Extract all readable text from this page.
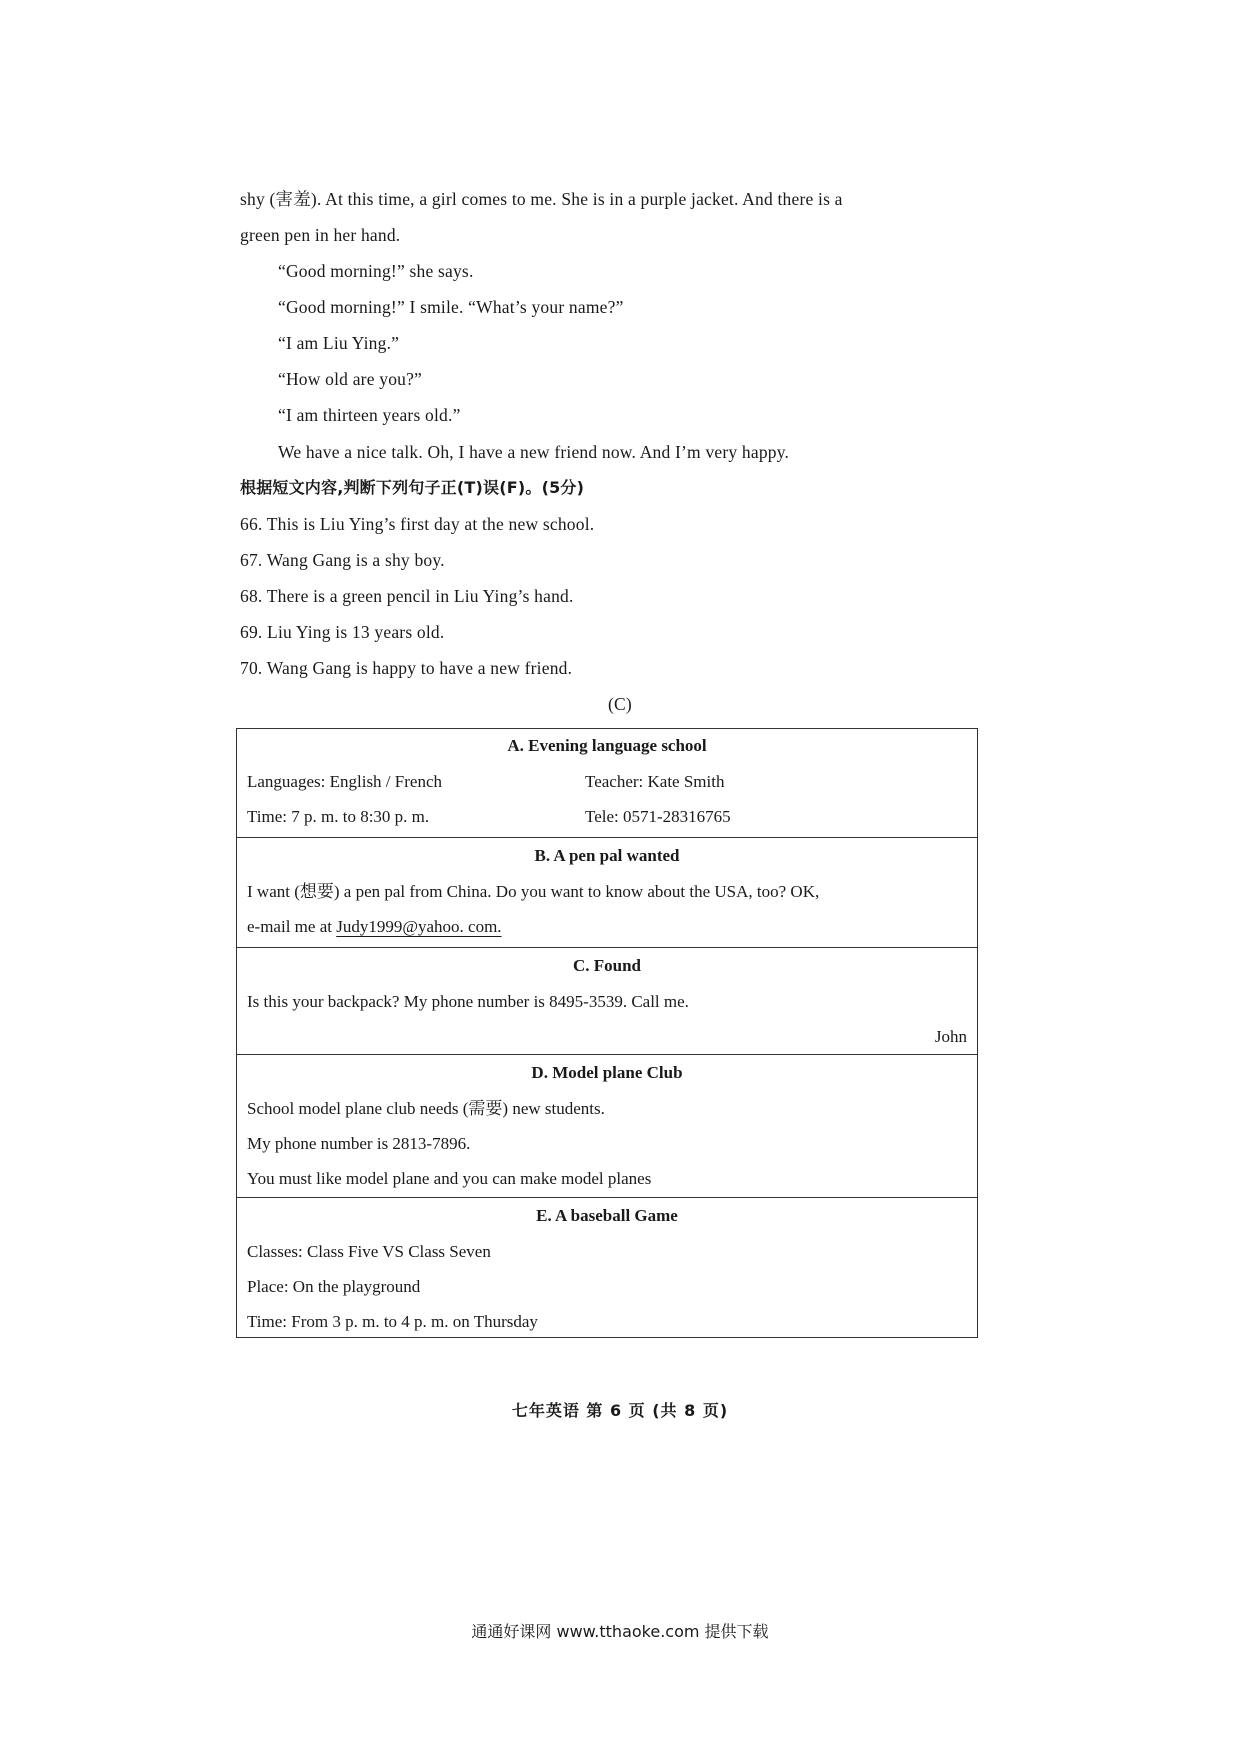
shy (害羞). At this time, a girl comes to me. She is in a purple jacket. And there is a
green pen in her hand.
“Good morning!” she says.
“Good morning!” I smile. “What’s your name?”
“I am Liu Ying.”
“How old are you?”
“I am thirteen years old.”
We have a nice talk. Oh, I have a new friend now. And I’m very happy.
根据短文内容,判断下列句子正(T)误(F)。(5分)
66. This is Liu Ying’s first day at the new school.
67. Wang Gang is a shy boy.
68. There is a green pencil in Liu Ying’s hand.
69. Liu Ying is 13 years old.
70. Wang Gang is happy to have a new friend.
(C)
A. Evening language school
Languages: English / French	Teacher: Kate Smith
Time: 7 p. m. to 8:30 p. m.	Tele: 0571-28316765
B. A pen pal wanted
I want (想要) a pen pal from China. Do you want to know about the USA, too? OK,
e-mail me at Judy1999@yahoo. com.
C. Found
Is this your backpack? My phone number is 8495-3539. Call me.
John
D. Model plane Club
School model plane club needs (需要) new students.
My phone number is 2813-7896.
You must like model plane and you can make model planes
E. A baseball Game
Classes: Class Five VS Class Seven
Place: On the playground
Time: From 3 p. m. to 4 p. m. on Thursday
七年英语 第 6 页 (共 8 页)
通通好课网 www.tthaoke.com 提供下载
